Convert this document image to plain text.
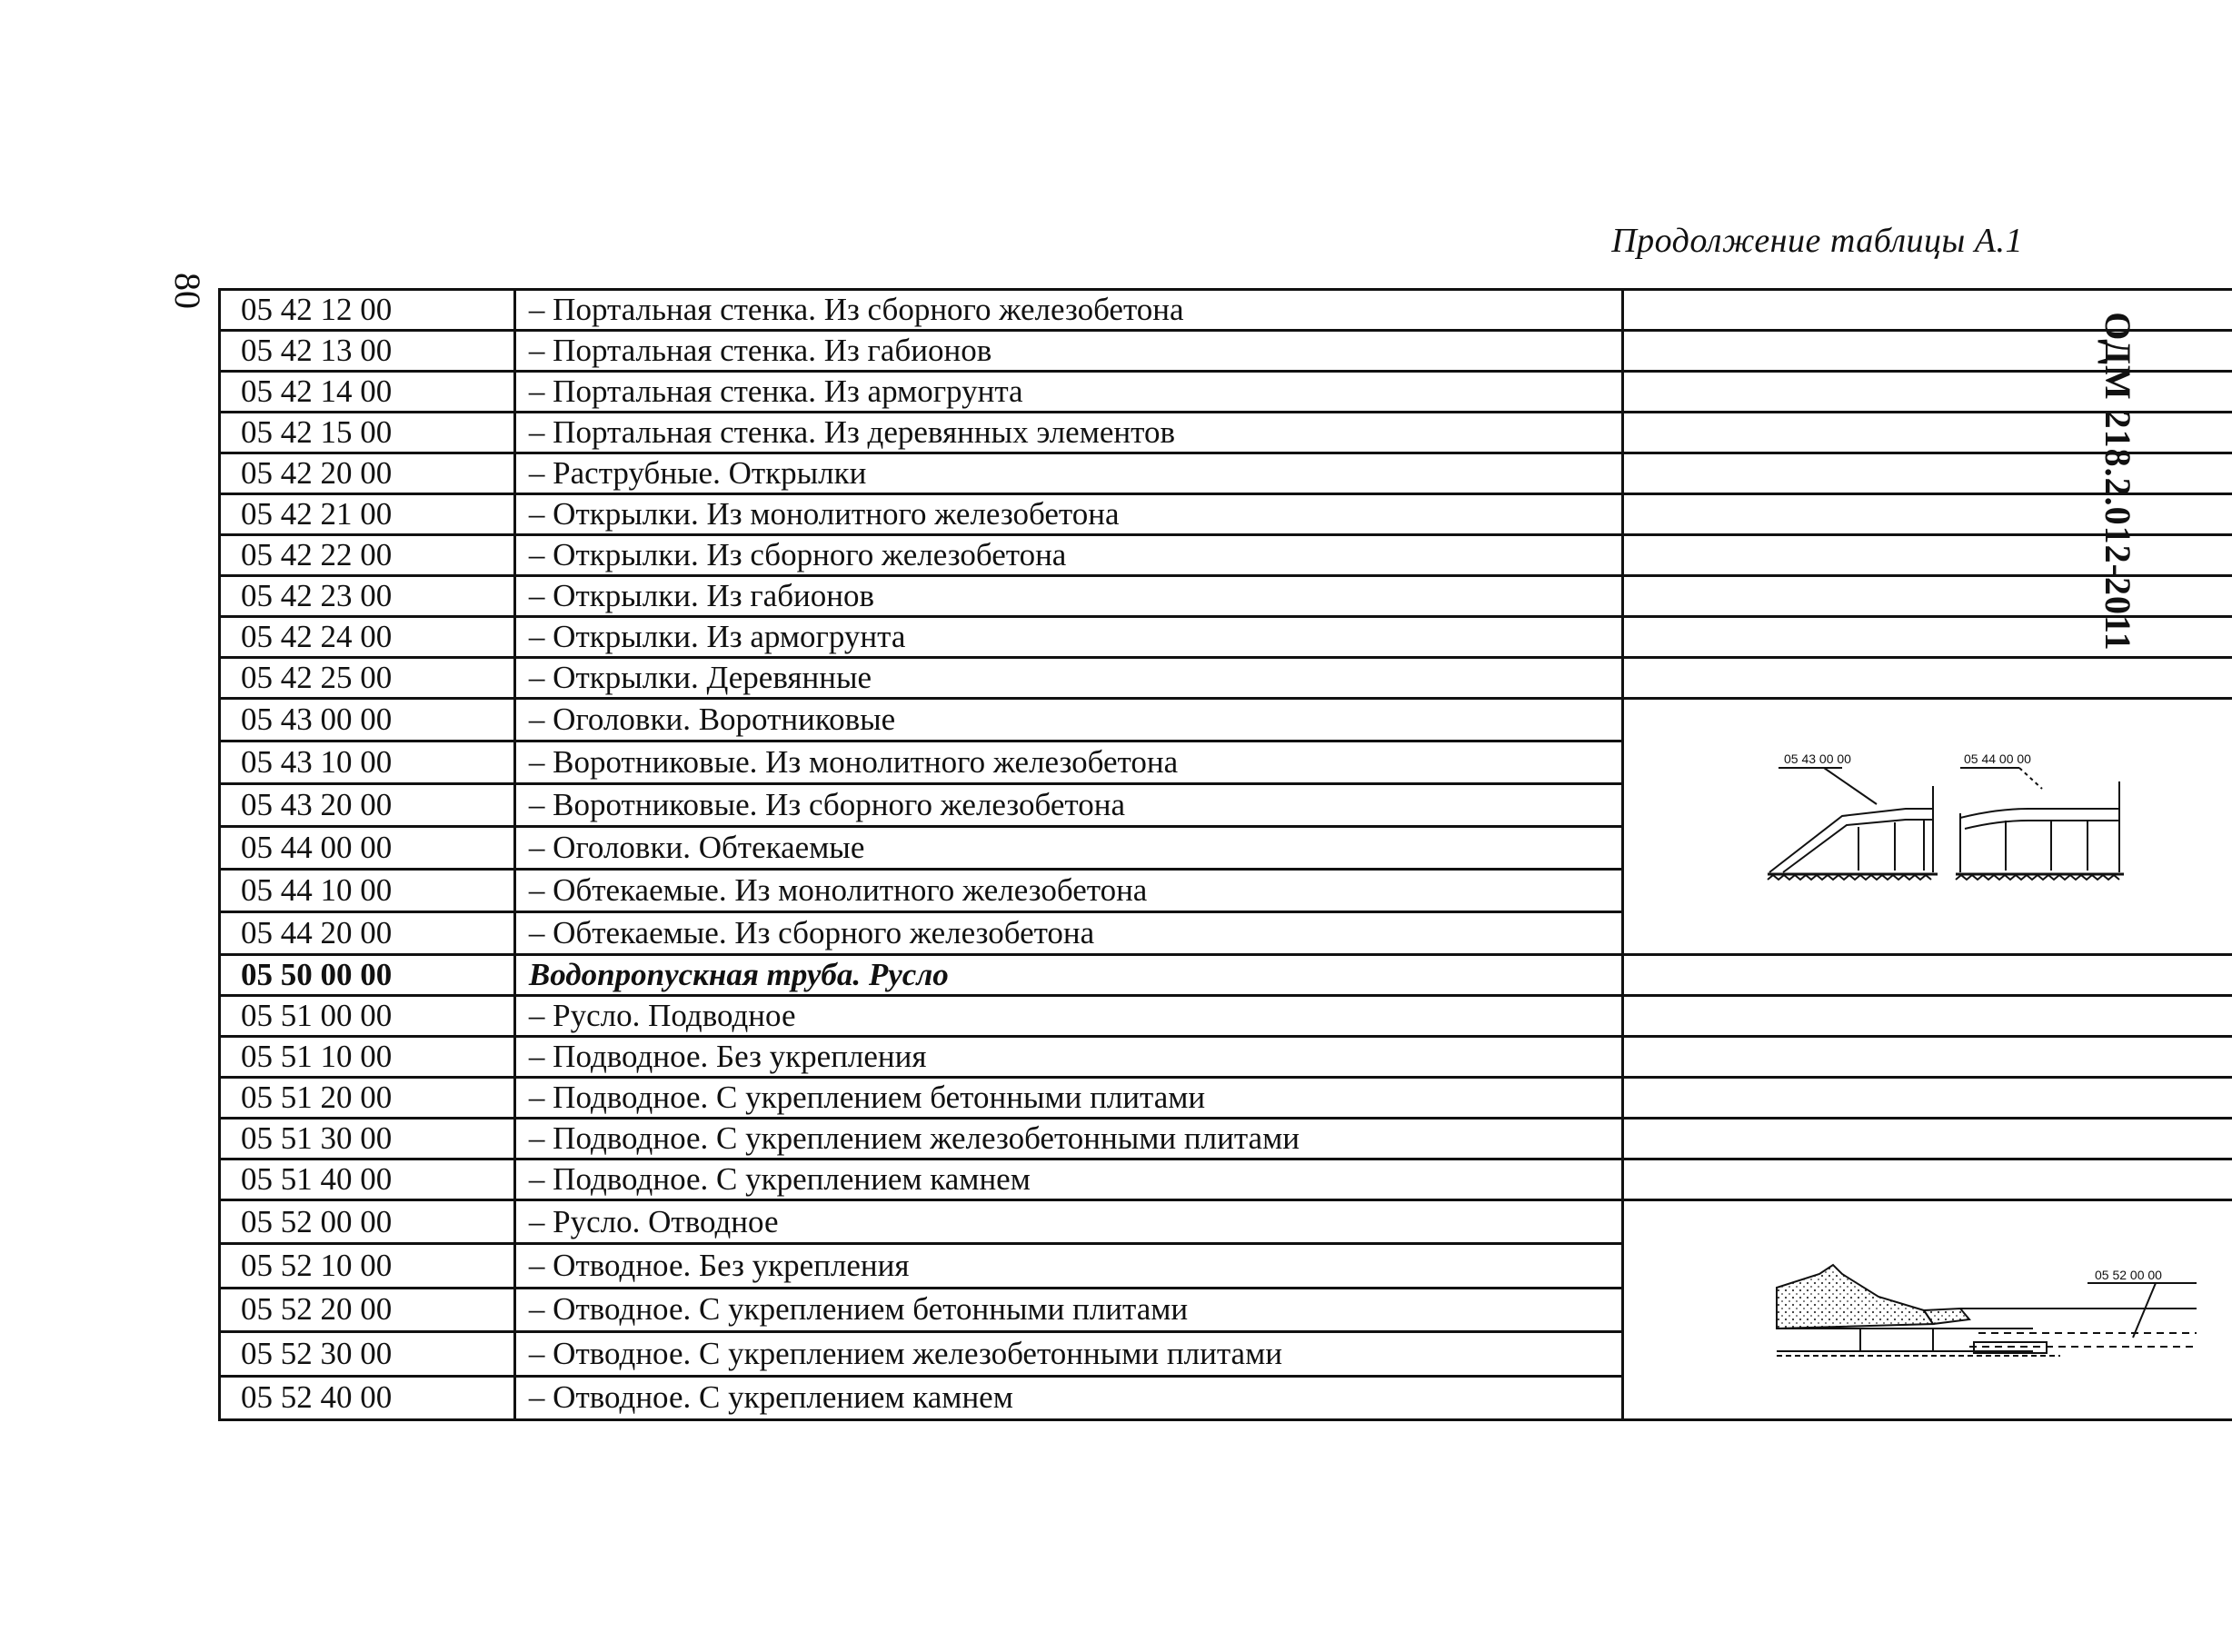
Продолжение таблицы А.1
80
ОДМ 218.2.012-2011
05 42 12 00	– Портальная стенка. Из сборного железобетона	
05 42 13 00	– Портальная стенка. Из габионов	
05 42 14 00	– Портальная стенка. Из армогрунта	
05 42 15 00	– Портальная стенка. Из деревянных элементов	
05 42 20 00	– Раструбные. Открылки	
05 42 21 00	– Открылки. Из монолитного железобетона	
05 42 22 00	– Открылки. Из сборного железобетона	
05 42 23 00	– Открылки. Из габионов	
05 42 24 00	– Открылки. Из армогрунта	
05 42 25 00	– Открылки. Деревянные	
05 43 00 00	– Оголовки. Воротниковые	05 43 00 00 05 44 00 00

05 43 10 00	– Воротниковые. Из монолитного железобетона	
05 43 20 00	– Воротниковые. Из сборного железобетона	
05 44 00 00	– Оголовки. Обтекаемые	
05 44 10 00	– Обтекаемые. Из монолитного железобетона	
05 44 20 00	– Обтекаемые. Из сборного железобетона	
05 50 00 00	Водопропускная труба. Русло	
05 51 00 00	– Русло. Подводное	
05 51 10 00	– Подводное. Без укрепления	
05 51 20 00	– Подводное. С укреплением бетонными плитами	
05 51 30 00	– Подводное. С укреплением железобетонными плитами	
05 51 40 00	– Подводное. С укреплением камнем	
05 52 00 00	– Русло. Отводное	05 52 00 00

05 52 10 00	– Отводное. Без укрепления	
05 52 20 00	– Отводное. С укреплением бетонными плитами	
05 52 30 00	– Отводное. С укреплением железобетонными плитами	
05 52 40 00	– Отводное. С укреплением камнем	
